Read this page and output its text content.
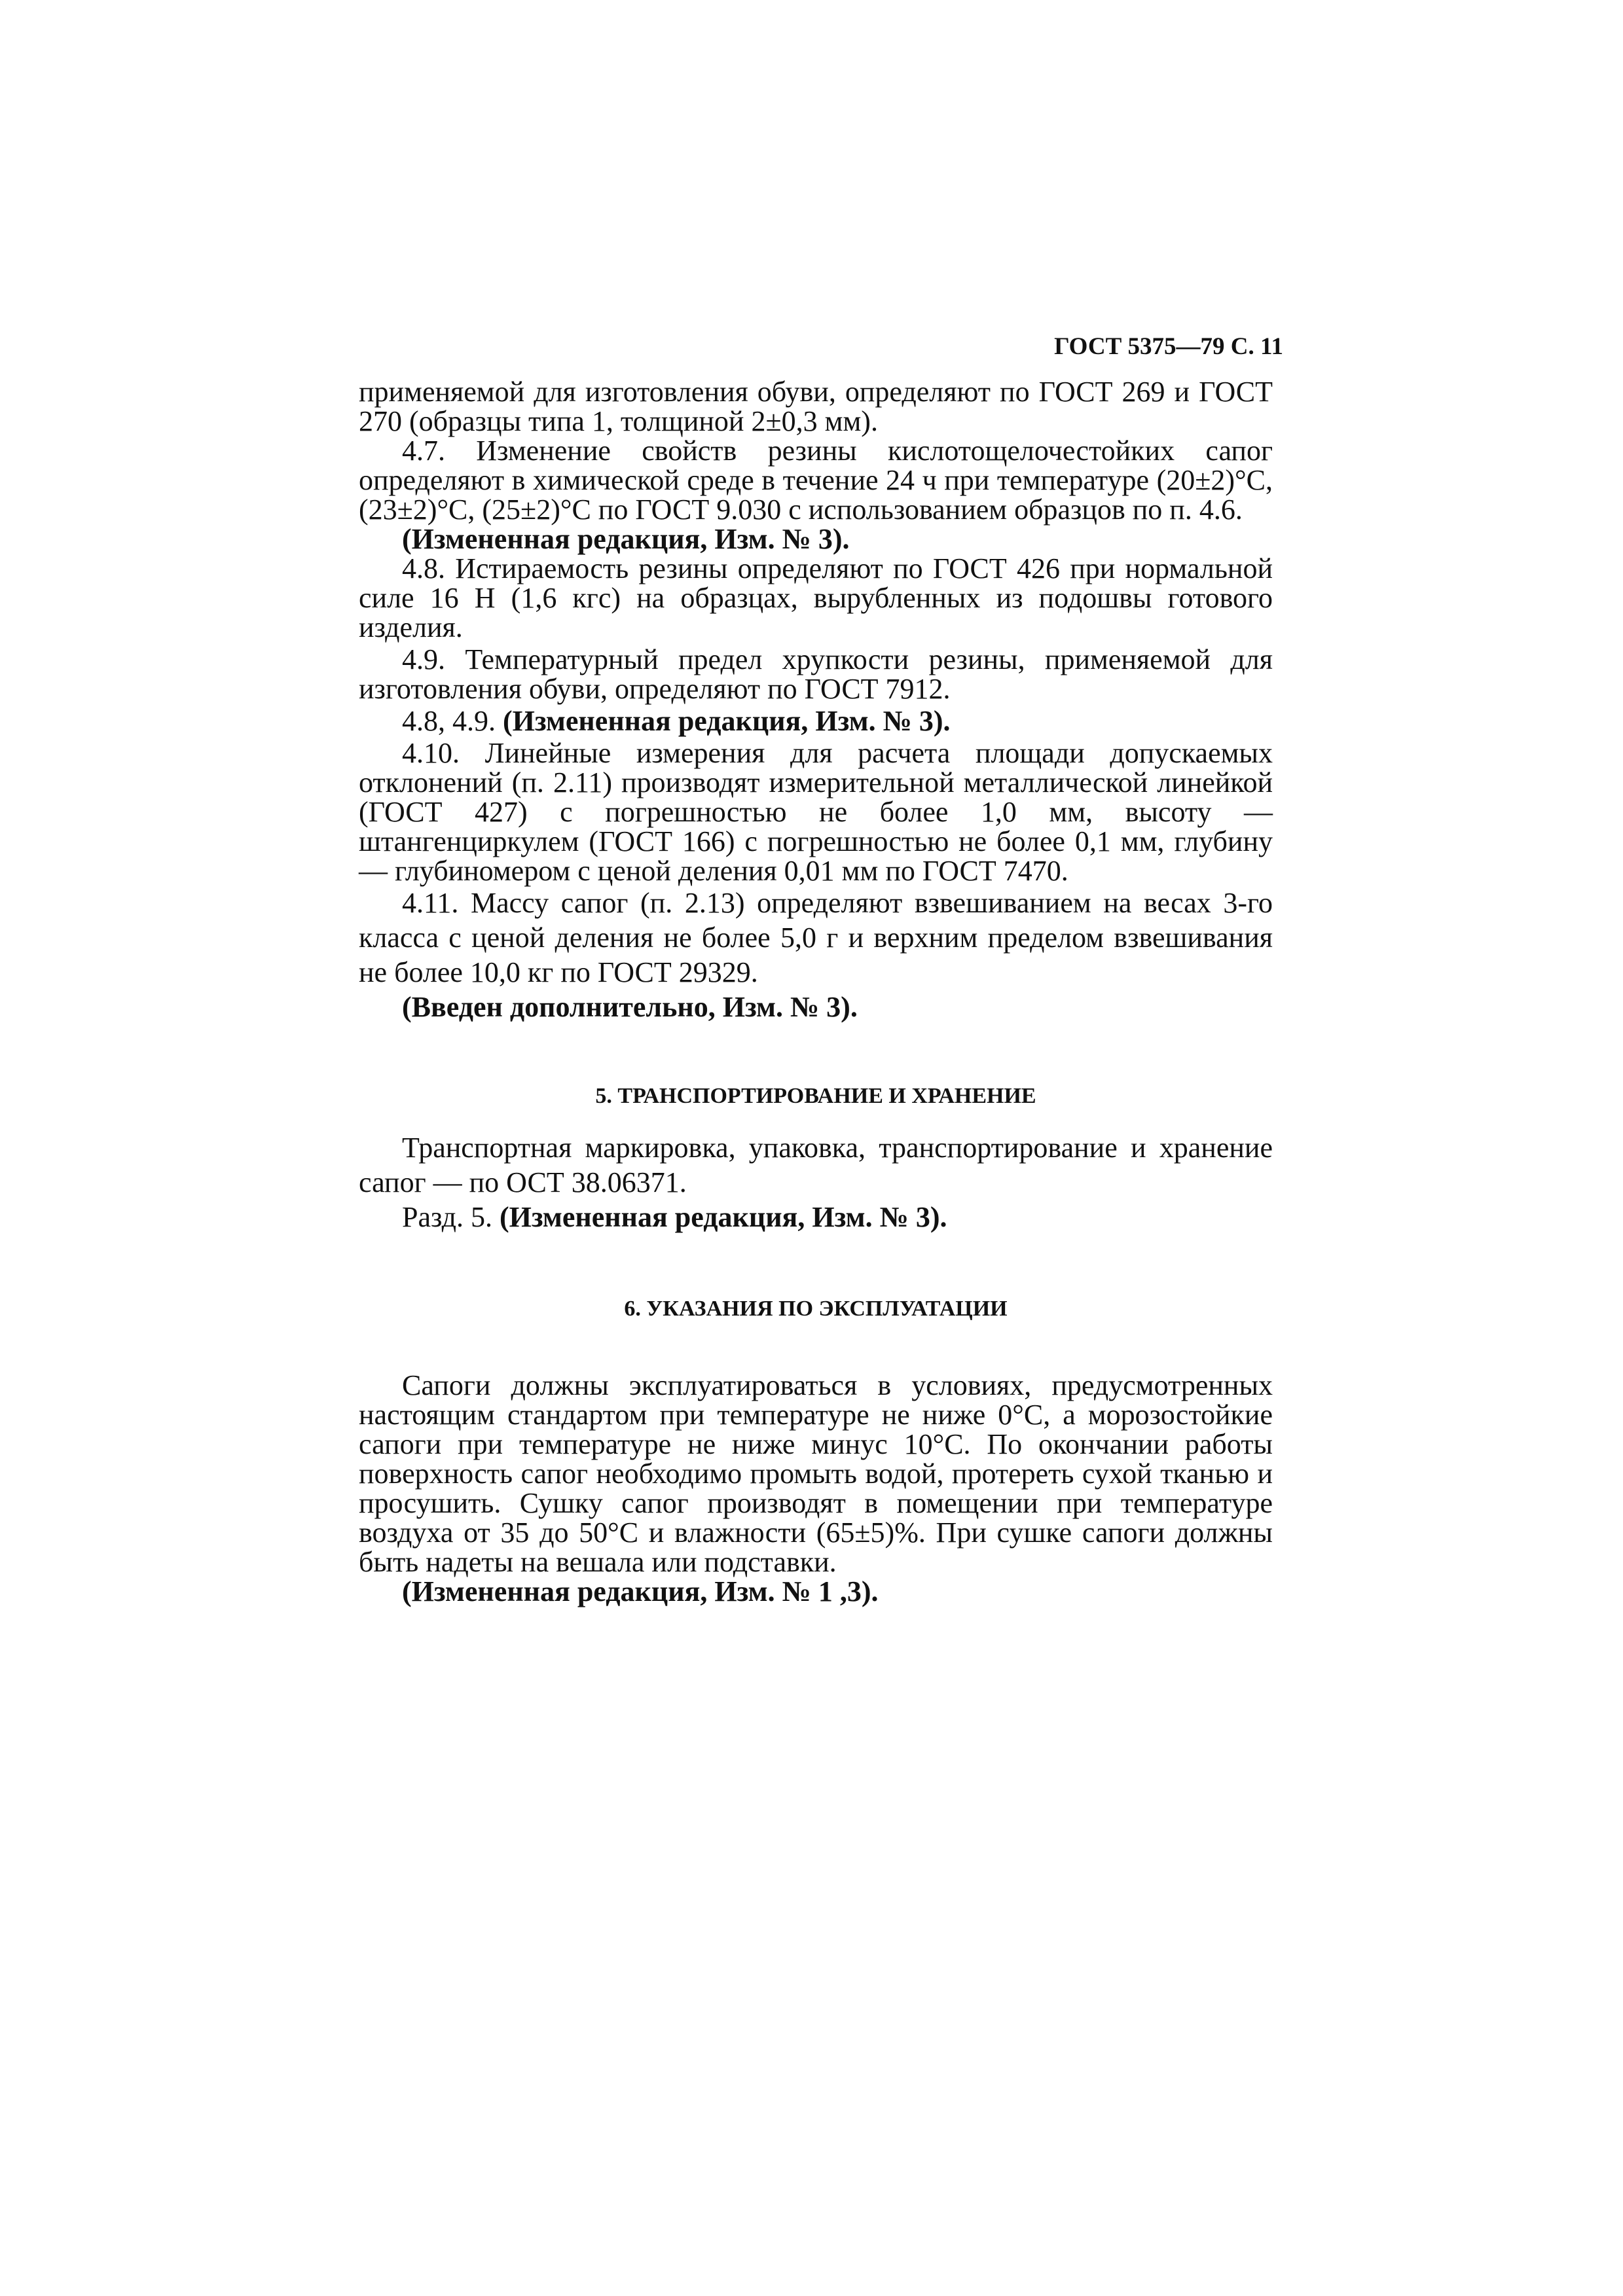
ГОСТ 5375—79 С. 11

применяемой для изготовления обуви, определяют по ГОСТ 269 и ГОСТ 270 (образцы типа 1, толщиной 2±0,3 мм).

4.7. Изменение свойств резины кислотощелочестойких сапог определяют в химической среде в течение 24 ч при температуре (20±2)°С, (23±2)°С, (25±2)°С по ГОСТ 9.030 с использованием образцов по п. 4.6.

(Измененная редакция, Изм. № 3).

4.8. Истираемость резины определяют по ГОСТ 426 при нормальной силе 16 Н (1,6 кгс) на образцах, вырубленных из подошвы готового изделия.

4.9. Температурный предел хрупкости резины, применяемой для изготовления обуви, определяют по ГОСТ 7912.

4.8, 4.9. (Измененная редакция, Изм. № 3).

4.10. Линейные измерения для расчета площади допускаемых отклонений (п. 2.11) производят измерительной металлической линейкой (ГОСТ 427) с погрешностью не более 1,0 мм, высоту — штангенциркулем (ГОСТ 166) с погрешностью не более 0,1 мм, глубину — глубиномером с ценой деления 0,01 мм по ГОСТ 7470.

4.11. Массу сапог (п. 2.13) определяют взвешиванием на весах 3-го класса с ценой деления не более 5,0 г и верхним пределом взвешивания не более 10,0 кг по ГОСТ 29329.

(Введен дополнительно, Изм. № 3).

5. ТРАНСПОРТИРОВАНИЕ И ХРАНЕНИЕ

Транспортная маркировка, упаковка, транспортирование и хранение сапог — по ОСТ 38.06371.

Разд. 5. (Измененная редакция, Изм. № 3).

6. УКАЗАНИЯ ПО ЭКСПЛУАТАЦИИ

Сапоги должны эксплуатироваться в условиях, предусмотренных настоящим стандартом при температуре не ниже 0°С, а морозостойкие сапоги при температуре не ниже минус 10°С. По окончании работы поверхность сапог необходимо промыть водой, протереть сухой тканью и просушить. Сушку сапог производят в помещении при температуре воздуха от 35 до 50°С и влажности (65±5)%. При сушке сапоги должны быть надеты на вешала или подставки.

(Измененная редакция, Изм. № 1 ,3).
